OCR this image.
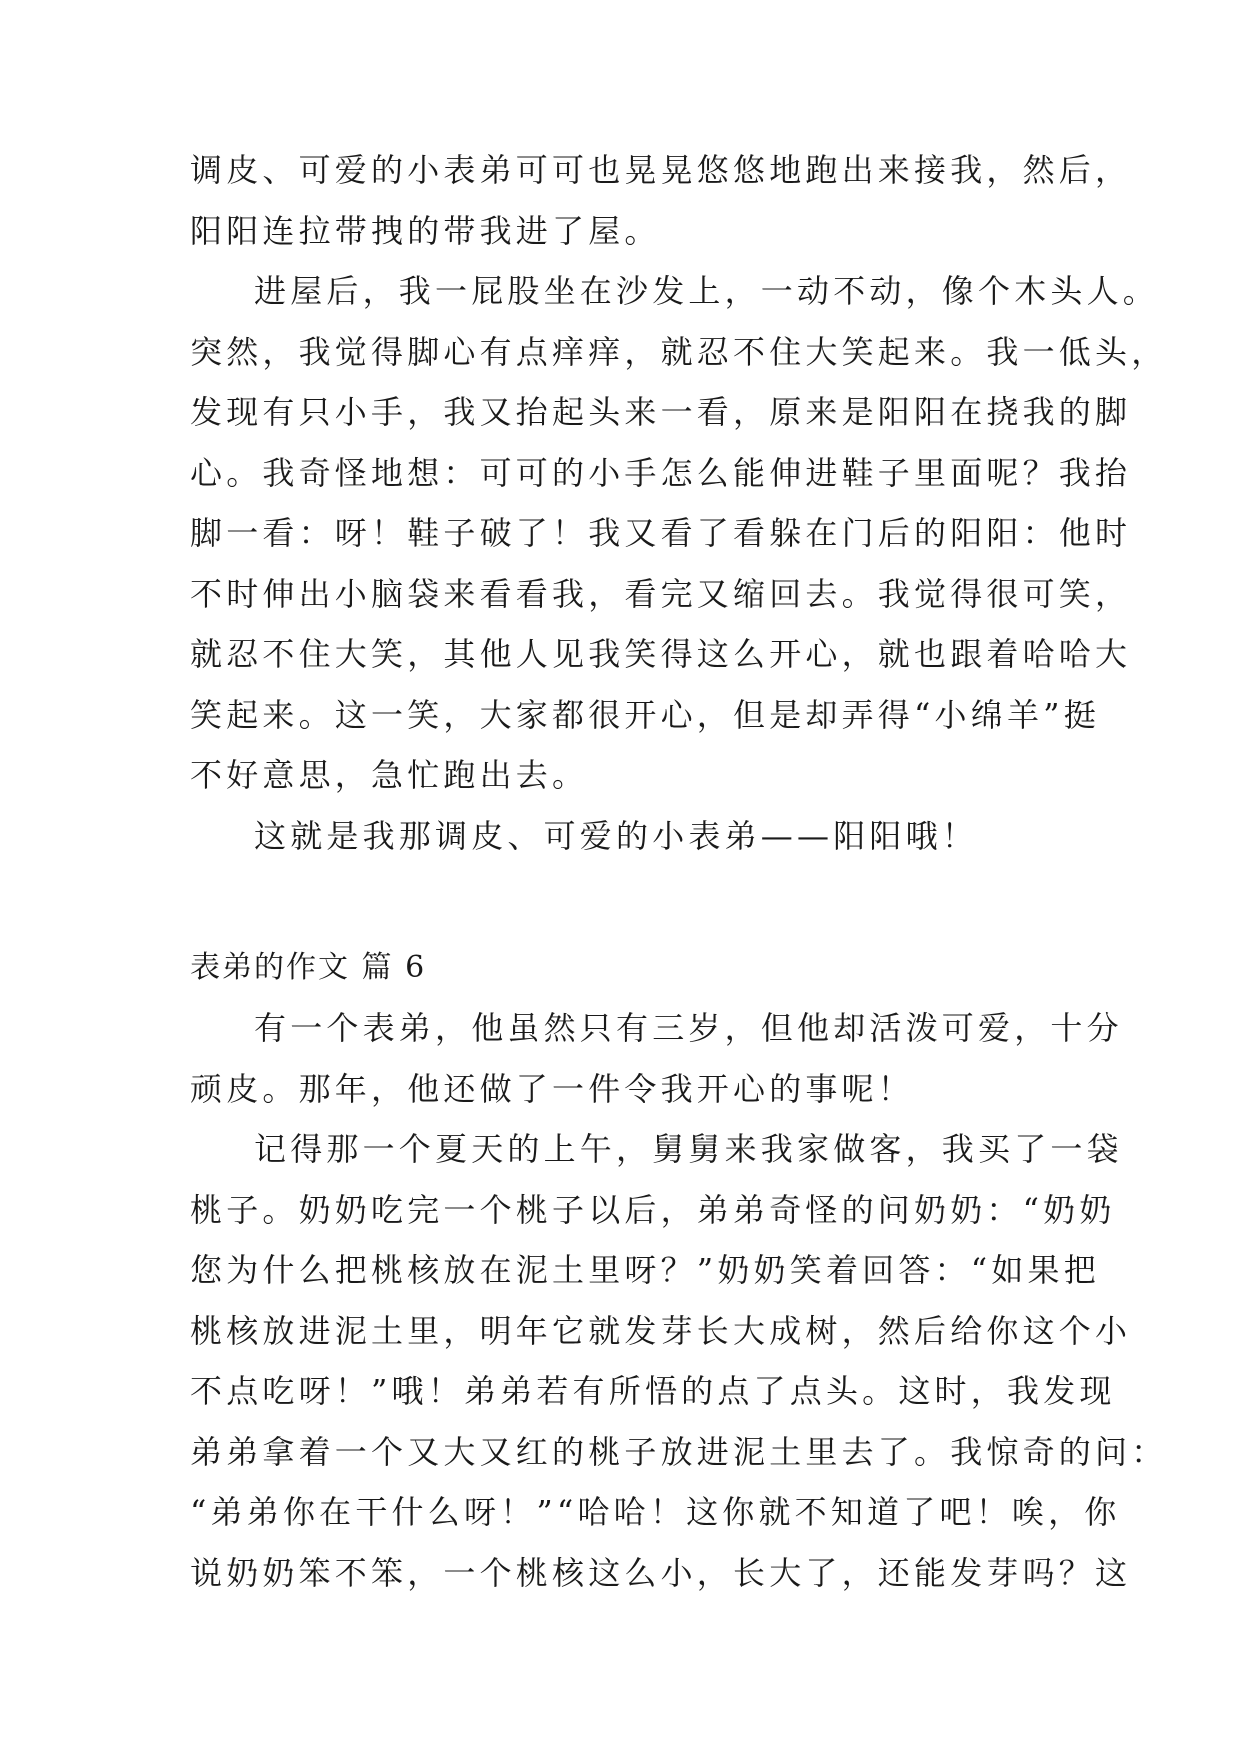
调皮、可爱的小表弟可可也晃晃悠悠地跑出来接我，然后，
阳阳连拉带拽的带我进了屋。
进屋后，我一屁股坐在沙发上，一动不动，像个木头人。
突然，我觉得脚心有点痒痒，就忍不住大笑起来。我一低头，
发现有只小手，我又抬起头来一看，原来是阳阳在挠我的脚
心。我奇怪地想：可可的小手怎么能伸进鞋子里面呢？我抬
脚一看：呀！鞋子破了！我又看了看躲在门后的阳阳：他时
不时伸出小脑袋来看看我，看完又缩回去。我觉得很可笑，
就忍不住大笑，其他人见我笑得这么开心，就也跟着哈哈大
笑起来。这一笑，大家都很开心，但是却弄得“小绵羊”挺
不好意思，急忙跑出去。
这就是我那调皮、可爱的小表弟——阳阳哦！
表弟的作文 篇 6
有一个表弟，他虽然只有三岁，但他却活泼可爱，十分
顽皮。那年，他还做了一件令我开心的事呢！
记得那一个夏天的上午，舅舅来我家做客，我买了一袋
桃子。奶奶吃完一个桃子以后，弟弟奇怪的问奶奶：“奶奶
您为什么把桃核放在泥土里呀？”奶奶笑着回答：“如果把
桃核放进泥土里，明年它就发芽长大成树，然后给你这个小
不点吃呀！”哦！弟弟若有所悟的点了点头。这时，我发现
弟弟拿着一个又大又红的桃子放进泥土里去了。我惊奇的问：
“弟弟你在干什么呀！”“哈哈！这你就不知道了吧！唉，你
说奶奶笨不笨，一个桃核这么小，长大了，还能发芽吗？这
